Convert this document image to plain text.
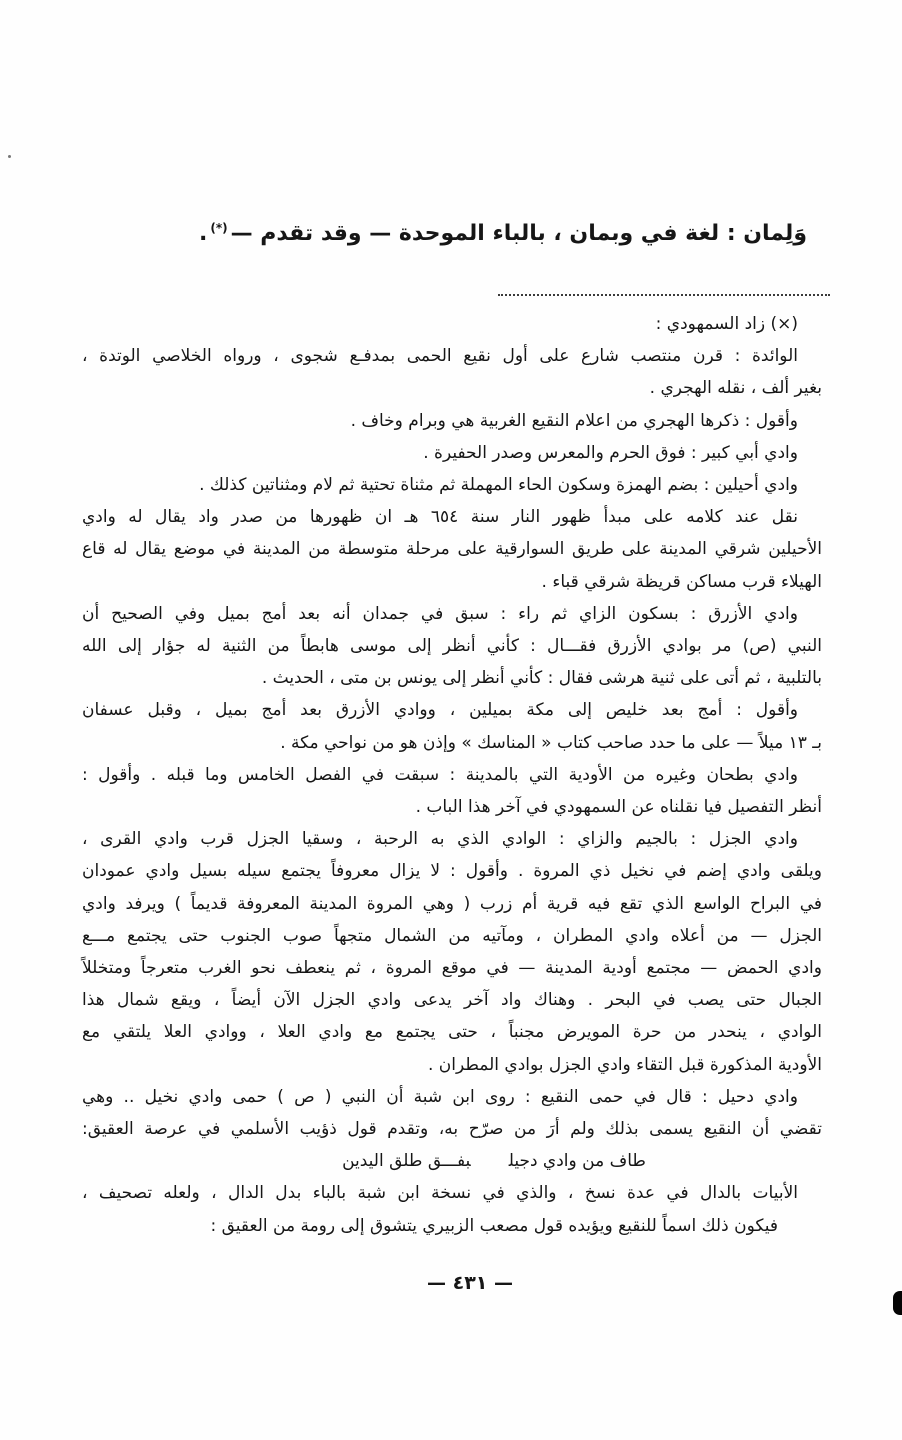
وَلِمان : لغة في وبمان ، بالباء الموحدة — وقد تقدم —(*).
(×) زاد السمهودي :
الوائدة : قرن منتصب شارع على أول نقيع الحمى بمدفـع شجوى ، ورواه الخلاصي الوتدة ،
بغير ألف ، نقله الهجري .
وأقول : ذكرها الهجري من اعلام النقيع الغربية هي وبرام وخاف .
وادي أبي كبير : فوق الحرم والمعرس وصدر الحفيرة .
وادي أحيلين : بضم الهمزة وسكون الحاء المهملة ثم مثناة تحتية ثم لام ومثناتين كذلك .
نقل عند كلامه على مبدأ ظهور النار سنة ٦٥٤ هـ ان ظهورها من صدر واد يقال له وادي
الأحيلين شرقي المدينة على طريق السوارقية على مرحلة متوسطة من المدينة في موضع يقال له قاع
الهيلاء قرب مساكن قريظة شرقي قباء .
وادي الأزرق : بسكون الزاي ثم راء : سبق في جمدان أنه بعد أمج بميل وفي الصحيح أن
النبي (ص) مر بوادي الأزرق فقـــال : كأني أنظر إلى موسى هابطاً من الثنية له جؤار إلى الله
بالتلبية ، ثم أتى على ثنية هرشى فقال : كأني أنظر إلى يونس بن متى ، الحديث .
وأقول : أمج بعد خليص إلى مكة بميلين ، ووادي الأزرق بعد أمج بميل ، وقبل عسفان
بـ ١٣ ميلاً — على ما حدد صاحب كتاب « المناسك » وإذن هو من نواحي مكة .
وادي بطحان وغيره من الأودية التي بالمدينة : سبقت في الفصل الخامس وما قبله . وأقول :
أنظر التفصيل فيا نقلناه عن السمهودي في آخر هذا الباب .
وادي الجزل : بالجيم والزاي : الوادي الذي به الرحبة ، وسقيا الجزل قرب وادي القرى ،
ويلقى وادي إضم في نخيل ذي المروة . وأقول : لا يزال معروفاً يجتمع سيله بسيل وادي عمودان
في البراح الواسع الذي تقع فيه قرية أم زرب ( وهي المروة المدينة المعروفة قديماً ) ويرفد وادي
الجزل — من أعلاه وادي المطران ، ومآتيه من الشمال متجهاً صوب الجنوب حتى يجتمع مـــع
وادي الحمض — مجتمع أودية المدينة — في موقع المروة ، ثم ينعطف نحو الغرب متعرجاً ومتخللاً
الجبال حتى يصب في البحر . وهناك واد آخر يدعى وادي الجزل الآن أيضاً ، ويقع شمال هذا
الوادي ، ينحدر من حرة المويرض مجنباً ، حتى يجتمع مع وادي العلا ، ووادي العلا يلتقي مع
الأودية المذكورة قبل التقاء وادي الجزل بوادي المطران .
وادي دحيل : قال في حمى النقيع : روى ابن شبة أن النبي ( ص ) حمى وادي نخيل .. وهي
تقضي أن النقيع يسمى بذلك ولم أرَ من صرّح به، وتقدم قول ذؤيب الأسلمي في عرصة العقيق:
طاف من وادي دجيلبفـــق طلق اليدين
الأبيات بالدال في عدة نسخ ، والذي في نسخة ابن شبة بالباء بدل الدال ، ولعله تصحيف ،
فيكون ذلك اسماً للنقيع ويؤيده قول مصعب الزبيري يتشوق إلى رومة من العقيق :
— ٤٣١ —
